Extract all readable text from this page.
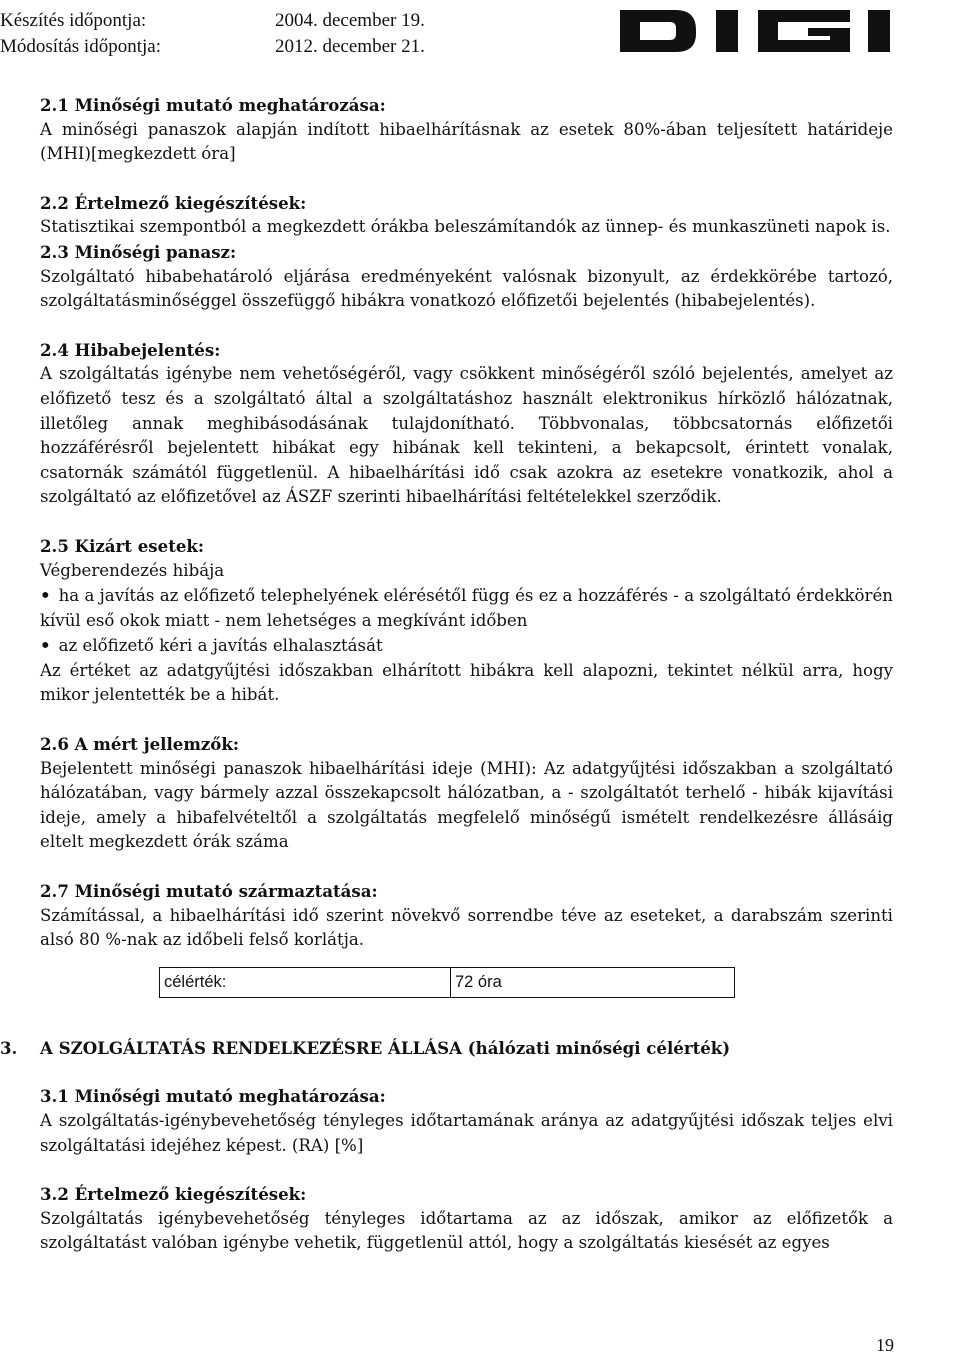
Készítés időpontja:	2004. december 19.
Módosítás időpontja:	2012. december 21.
2.1 Minőségi mutató meghatározása:
A minőségi panaszok alapján indított hibaelhárításnak az esetek 80%-ában teljesített határideje (MHI)[megkezdett óra]
2.2 Értelmező kiegészítések:
Statisztikai szempontból a megkezdett órákba beleszámítandók az ünnep- és munkaszüneti napok is.
2.3 Minőségi panasz:
Szolgáltató hibabehatároló eljárása eredményeként valósnak bizonyult, az érdekkörébe tartozó, szolgáltatásminőséggel összefüggő hibákra vonatkozó előfizetői bejelentés (hibabejelentés).
2.4 Hibabejelentés:
A szolgáltatás igénybe nem vehetőségéről, vagy csökkent minőségéről szóló bejelentés, amelyet az előfizető tesz és a szolgáltató által a szolgáltatáshoz használt elektronikus hírközlő hálózatnak, illetőleg annak meghibásodásának tulajdonítható. Többvonalas, többcsatornás előfizetői hozzáférésről bejelentett hibákat egy hibának kell tekinteni, a bekapcsolt, érintett vonalak, csatornák számától függetlenül. A hibaelhárítási idő csak azokra az esetekre vonatkozik, ahol a szolgáltató az előfizetővel az ÁSZF szerinti hibaelhárítási feltételekkel szerződik.
2.5 Kizárt esetek:
Végberendezés hibája
• ha a javítás az előfizető telephelyének elérésétől függ és ez a hozzáférés - a szolgáltató érdekkörén kívül eső okok miatt - nem lehetséges a megkívánt időben
• az előfizető kéri a javítás elhalasztását
Az értéket az adatgyűjtési időszakban elhárított hibákra kell alapozni, tekintet nélkül arra, hogy mikor jelentették be a hibát.
2.6 A mért jellemzők:
Bejelentett minőségi panaszok hibaelhárítási ideje (MHI): Az adatgyűjtési időszakban a szolgáltató hálózatában, vagy bármely azzal összekapcsolt hálózatban, a - szolgáltatót terhelő - hibák kijavítási ideje, amely a hibafelvételtől a szolgáltatás megfelelő minőségű ismételt rendelkezésre állásáig eltelt megkezdett órák száma
2.7 Minőségi mutató származtatása:
Számítással, a hibaelhárítási idő szerint növekvő sorrendbe téve az eseteket, a darabszám szerinti alsó 80 %-nak az időbeli felső korlátja.
célérték:	72 óra
3. A SZOLGÁLTATÁS RENDELKEZÉSRE ÁLLÁSA (hálózati minőségi célérték)
3.1 Minőségi mutató meghatározása:
A szolgáltatás-igénybevehetőség tényleges időtartamának aránya az adatgyűjtési időszak teljes elvi szolgáltatási idejéhez képest. (RA) [%]
3.2 Értelmező kiegészítések:
Szolgáltatás igénybevehetőség tényleges időtartama az az időszak, amikor az előfizetők a szolgáltatást valóban igénybe vehetik, függetlenül attól, hogy a szolgáltatás kiesését az egyes
19
